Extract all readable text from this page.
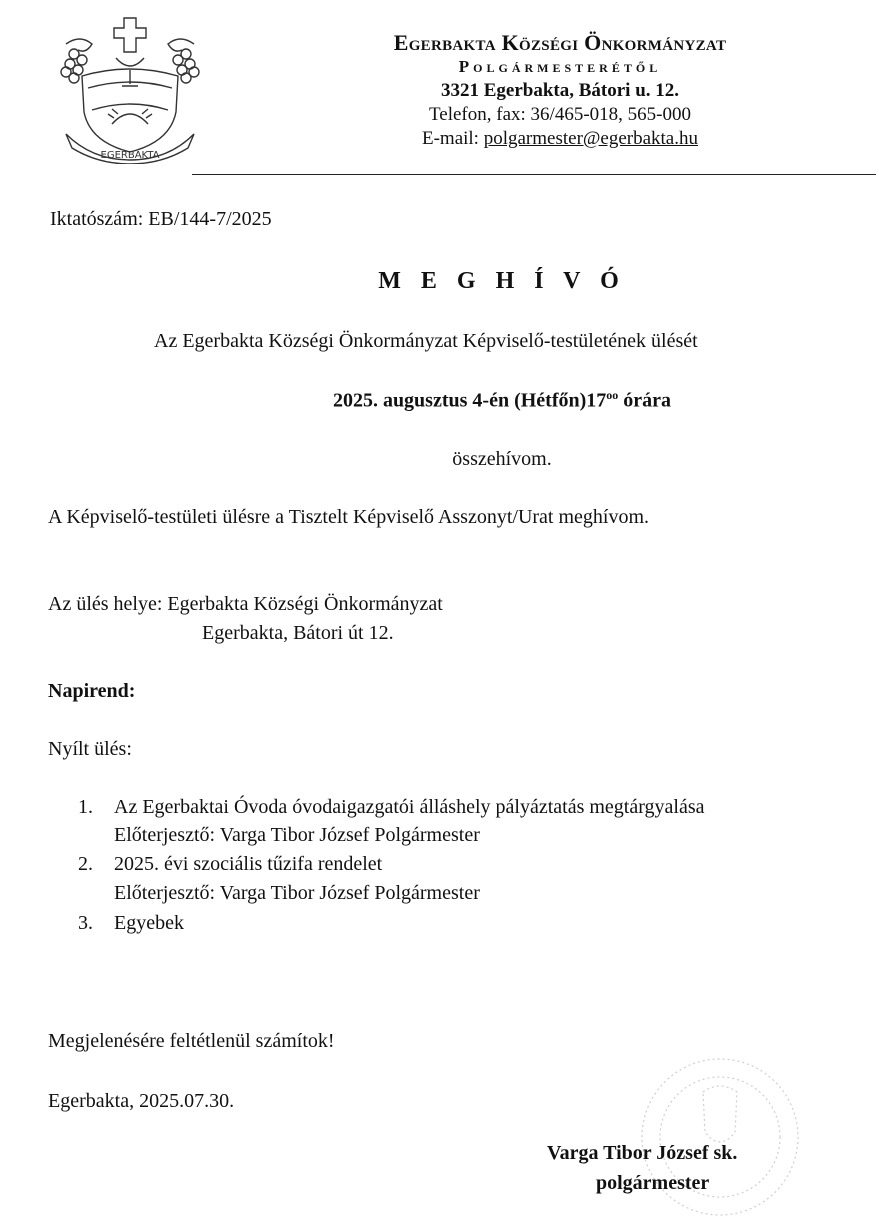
EGERBAKTA
Egerbakta Községi Önkormányzat
Polgármesterétől
3321 Egerbakta, Bátori u. 12.
Telefon, fax: 36/465-018, 565-000
E-mail: polgarmester@egerbakta.hu
Iktatószám: EB/144-7/2025
M E G H Í V Ó
Az Egerbakta Községi Önkormányzat Képviselő-testületének ülését
2025. augusztus 4-én $(Hétfőn)17^{oo}$ órára
összehívom.
A Képviselő-testületi ülésre a Tisztelt Képviselő Asszonyt/Urat meghívom.
Az ülés helye: Egerbakta Községi Önkormányzat
Egerbakta, Bátori út 12.
Napirend:
Nyílt ülés:
1. Az Egerbaktai Óvoda óvodaigazgatói álláshely pályáztatás megtárgyalása
Előterjesztő: Varga Tibor József Polgármester
2. 2025. évi szociális tűzifa rendelet
Előterjesztő: Varga Tibor József Polgármester
3. Egyebek
Megjelenésére feltétlenül számítok!
Egerbakta, 2025.07.30.
Varga Tibor József sk.
polgármester
